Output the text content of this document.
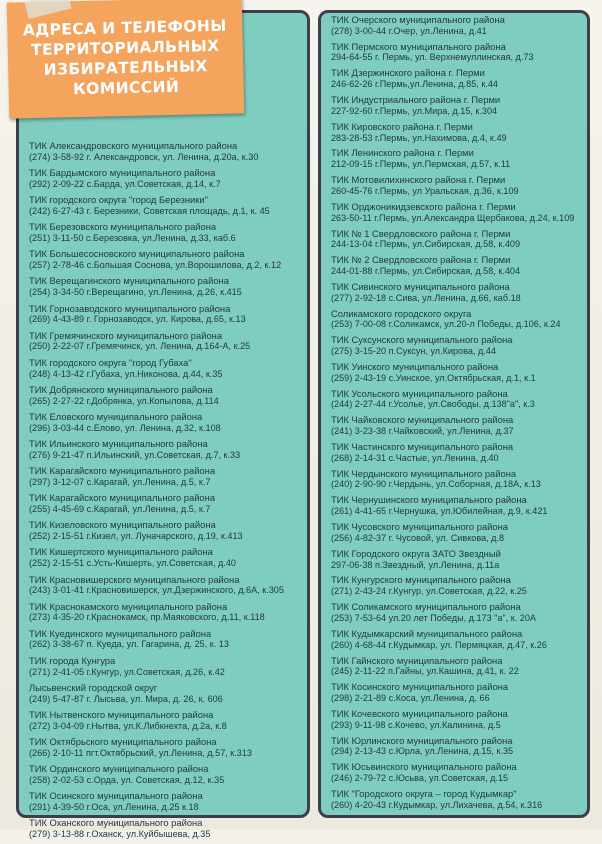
ТИК Александровского муниципального района
(274) 3-58-92 г. Александровск, ул. Ленина, д.20а, к.30
ТИК Бардымского муниципального района
(292) 2-09-22 с.Барда, ул.Советская, д.14, к.7
ТИК городского округа "город Березники"
(242) 6-27-43 г. Березники, Советская площадь, д.1, к. 45
ТИК Березовского муниципального района
(251) 3-11-50 с.Березовка, ул.Ленина, д.33, каб.6
ТИК Большесосновского муниципального района
(257) 2-78-46 с.Большая Соснова, ул.Ворошилова, д.2, к.12
ТИК Верещагинского муниципального района
(254) 3-34-50 г.Верещагино, ул.Ленина, д.26, к.415
ТИК Горнозаводского муниципального района
(269) 4-43-89 г. Горнозаводск, ул. Кирова, д.65, к.13
ТИК Гремячинского муниципального района
(250) 2-22-07 г.Гремячинск, ул. Ленина, д.164-А, к.25
ТИК городского округа "город Губаха"
(248) 4-13-42 г.Губаха, ул.Никонова, д.44, к.35
ТИК Добрянского муниципального района
(265) 2-27-22 г.Добрянка, ул.Копылова, д.114
ТИК Еловского муниципального района
(296) 3-03-44 с.Елово, ул. Ленина, д.32, к.108
ТИК Ильинского муниципального района
(276) 9-21-47 п.Ильинский, ул.Советская, д.7, к.33
ТИК Карагайского муниципального района
(297) 3-12-07 с.Карагай, ул.Ленина, д.5, к.7
ТИК Карагайского муниципального района
(255) 4-45-69 с.Карагай, ул.Ленина, д.5, к.7
ТИК Кизеловского муниципального района
(252) 2-15-51 г.Кизел, ул. Луначарского, д.19, к.413
ТИК Кишертского муниципального района
(252) 2-15-51 с.Усть-Кишерть, ул.Советская, д.40
ТИК Красновишерского муниципального района
(243) 3-01-41 г.Красновишерск, ул.Дзержинского, д.6А, к.305
ТИК Краснокамского муниципального района
(273) 4-35-20 г.Краснокамск, пр.Маяковского, д.11, к.118
ТИК Куединского муниципального района
(262) 3-38-67 п. Куеда, ул. Гагарина, д. 25, к. 13
ТИК города Кунгура
(271) 2-41-05 г.Кунгур, ул.Советская, д.26, к.42
Лысьвенский городской округ
(249) 5-47-87 г. Лысьва, ул. Мира, д. 26, к. 606
ТИК Нытвенского муниципального района
(272) 3-04-09 г.Нытва, ул.К.Либкнехта, д.2а, к.8
ТИК Октябрьского муниципального района
(266) 2-10-11 пгт.Октябрьский, ул.Ленина, д.57, к.313
ТИК Ординского муниципального района
(258) 2-02-53 с.Орда, ул. Советская, д.12, к.35
ТИК Осинского муниципального района
(291) 4-39-50 г.Оса, ул.Ленина, д.25 к.18
ТИК Оханского муниципального района
(279) 3-13-88 г.Оханск, ул.Куйбышева, д.35
АДРЕСА И ТЕЛЕФОНЫ
ТЕРРИТОРИАЛЬНЫХ
ИЗБИРАТЕЛЬНЫХ
КОМИССИЙ
ТИК Очерского муниципального района
(278) 3-00-44 г.Очер, ул.Ленина, д.41
ТИК Пермского муниципального района
294-64-55 г. Пермь, ул. Верхнемуллинская, д.73
ТИК Дзержинского района г. Перми
246-62-26 г.Пермь,ул.Ленина, д.85, к.44
ТИК Индустриального района г. Перми
227-92-60 г.Пермь, ул.Мира, д.15, к.304
ТИК Кировского района г. Перми
283-28-53 г.Пермь, ул.Нахимова, д.4, к.49
ТИК Ленинского района г. Перми
212-09-15 г.Пермь, ул.Пермская, д.57, к.11
ТИК Мотовилихинского района г. Перми
260-45-76 г.Пермь, ул Уральская, д.36, к.109
ТИК Орджоникидзевского района г. Перми
263-50-11 г.Пермь, ул.Александра Щербакова, д.24, к.109
ТИК № 1 Свердловского района г. Перми
244-13-04 г.Пермь, ул.Сибирская, д.58, к.409
ТИК № 2 Свердловского района г. Перми
244-01-88 г.Пермь, ул.Сибирская, д.58, к.404
ТИК Сивинского муниципального района
(277) 2-92-18 с.Сива, ул.Ленина, д.66, каб.18
Соликамского городского округа
(253) 7-00-08 г.Соликамск, ул.20-л Победы, д.106, к.24
ТИК Суксунского муниципального района
(275) 3-15-20 п.Суксун, ул.Кирова, д.44
ТИК Уинского муниципального района
(259) 2-43-19 с.Уинское, ул.Октябрьская, д.1, к.1
ТИК Усольского муниципального района
(244) 2-27-44 г.Усолье, ул.Свободы, д.138"а", к.3
ТИК Чайковского муниципального района
(241) 3-23-38 г.Чайковский, ул.Ленина, д.37
ТИК Частинского муниципального района
(268) 2-14-31 с.Частые, ул.Ленина, д.40
ТИК Чердынского муниципального района
(240) 2-90-90 г.Чердынь, ул.Соборная, д.18А, к.13
ТИК Чернушинского муниципального района
(261) 4-41-65 г.Чернушка, ул.Юбилейная, д.9, к.421
ТИК Чусовского муниципального района
(256) 4-82-37 г. Чусовой, ул. Сивкова, д.8
ТИК Городского округа ЗАТО Звездный
297-06-38 п.Звездный, ул.Ленина, д.11а
ТИК Кунгурского муниципального района
(271) 2-43-24 г.Кунгур, ул.Советская, д.22, к.25
ТИК Соликамского муниципального района
(253) 7-53-64 ул.20 лет Победы, д.173 "а", к. 20А
ТИК Кудымкарский муниципального района
(260) 4-68-44 г.Кудымкар, ул. Пермяцкая, д.47, к.26
ТИК Гайнского муниципального района
(245) 2-11-22 п.Гайны, ул.Кашина, д.41, к. 22
ТИК Косинского муниципального района
(298) 2-21-89 с.Коса, ул.Ленина, д. 66
ТИК Кочевского муниципального района
(293) 9-11-98 с.Кочево, ул.Калинина, д.5
ТИК Юрлинского муниципального района
(294) 2-13-43 с.Юрла, ул.Ленина, д.15, к.35
ТИК Юсьвинского муниципального района
(246) 2-79-72 с.Юсьва, ул.Советская, д.15
ТИК "Городского округа – город Кудымкар"
(260) 4-20-43 г.Кудымкар, ул.Лихачева, д.54, к.316
